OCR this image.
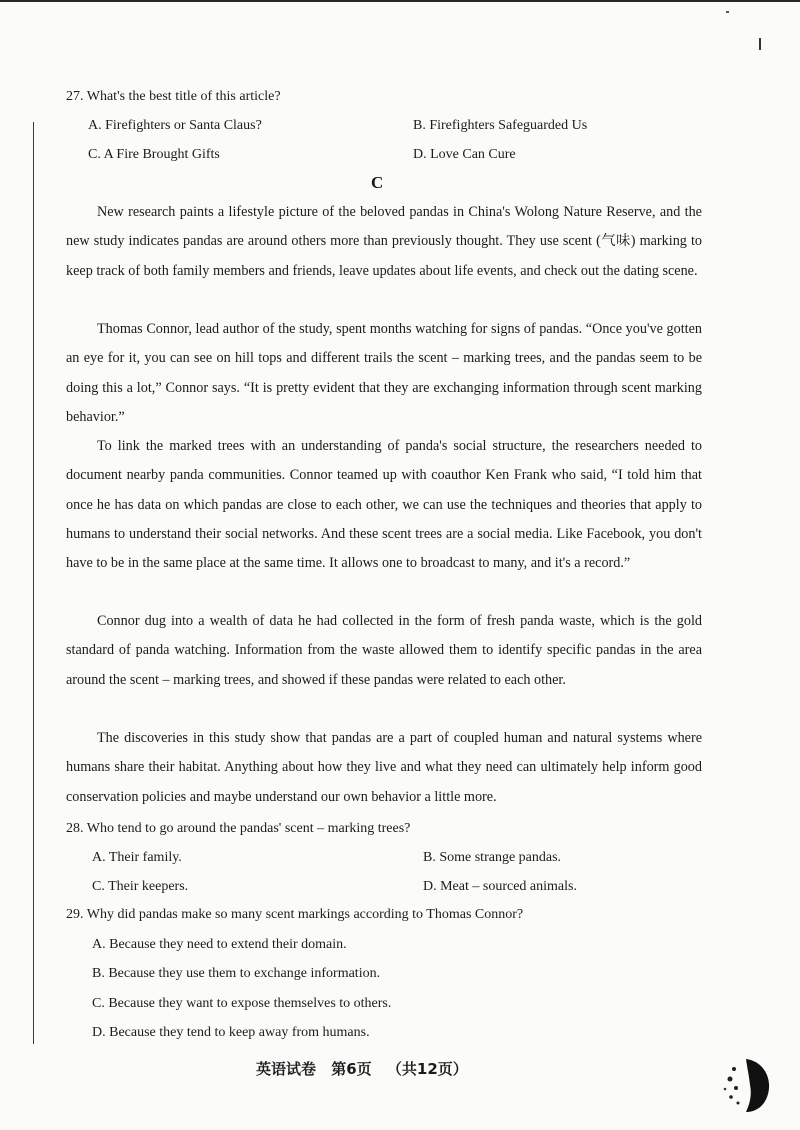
27. What's the best title of this article?
A. Firefighters or Santa Claus?	B. Firefighters Safeguarded Us
C. A Fire Brought Gifts	D. Love Can Cure
C

New research paints a lifestyle picture of the beloved pandas in China's Wolong Nature Reserve, and the new study indicates pandas are around others more than previously thought. They use scent (气味) marking to keep track of both family members and friends, leave updates about life events, and check out the dating scene.

Thomas Connor, lead author of the study, spent months watching for signs of pandas. “Once you've gotten an eye for it, you can see on hill tops and different trails the scent – marking trees, and the pandas seem to be doing this a lot,” Connor says. “It is pretty evident that they are exchanging information through scent marking behavior.”

To link the marked trees with an understanding of panda's social structure, the researchers needed to document nearby panda communities. Connor teamed up with coauthor Ken Frank who said, “I told him that once he has data on which pandas are close to each other, we can use the techniques and theories that apply to humans to understand their social networks. And these scent trees are a social media. Like Facebook, you don't have to be in the same place at the same time. It allows one to broadcast to many, and it's a record.”

Connor dug into a wealth of data he had collected in the form of fresh panda waste, which is the gold standard of panda watching. Information from the waste allowed them to identify specific pandas in the area around the scent – marking trees, and showed if these pandas were related to each other.

The discoveries in this study show that pandas are a part of coupled human and natural systems where humans share their habitat. Anything about how they live and what they need can ultimately help inform good conservation policies and maybe understand our own behavior a little more.

28. Who tend to go around the pandas' scent – marking trees?
A. Their family.	B. Some strange pandas.
C. Their keepers.	D. Meat – sourced animals.
29. Why did pandas make so many scent markings according to Thomas Connor?
A. Because they need to extend their domain.
B. Because they use them to exchange information.
C. Because they want to expose themselves to others.
D. Because they tend to keep away from humans.
英语试卷 第6页 （共12页）
